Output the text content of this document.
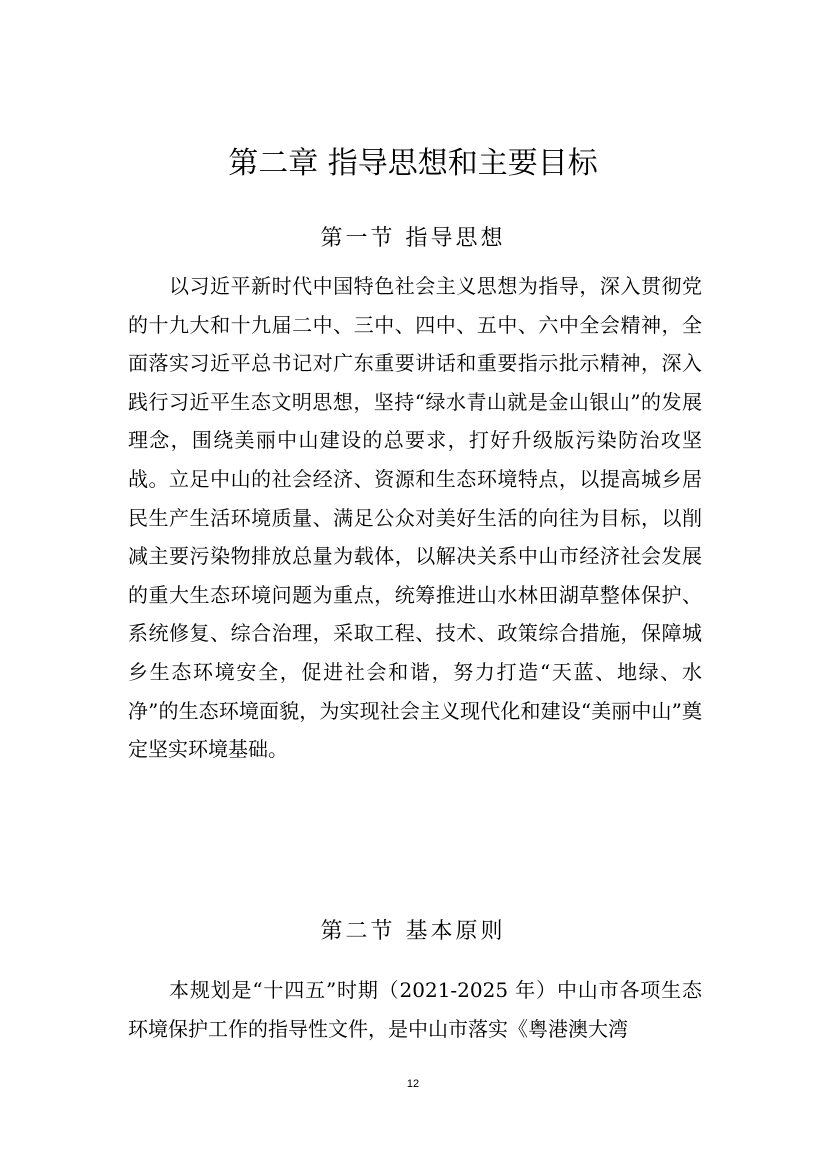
第二章 指导思想和主要目标
第一节 指导思想

以习近平新时代中国特色社会主义思想为指导，深入贯彻党的十九大和十九届二中、三中、四中、五中、六中全会精神，全面落实习近平总书记对广东重要讲话和重要指示批示精神，深入践行习近平生态文明思想，坚持“绿水青山就是金山银山”的发展理念，围绕美丽中山建设的总要求，打好升级版污染防治攻坚战。立足中山的社会经济、资源和生态环境特点，以提高城乡居民生产生活环境质量、满足公众对美好生活的向往为目标，以削减主要污染物排放总量为载体，以解决关系中山市经济社会发展的重大生态环境问题为重点，统筹推进山水林田湖草整体保护、系统修复、综合治理，采取工程、技术、政策综合措施，保障城乡生态环境安全，促进社会和谐，努力打造“天蓝、地绿、水净”的生态环境面貌，为实现社会主义现代化和建设“美丽中山”奠定坚实环境基础。

第二节 基本原则

本规划是“十四五”时期（2021-2025 年）中山市各项生态环境保护工作的指导性文件，是中山市落实《粤港澳大湾

12
